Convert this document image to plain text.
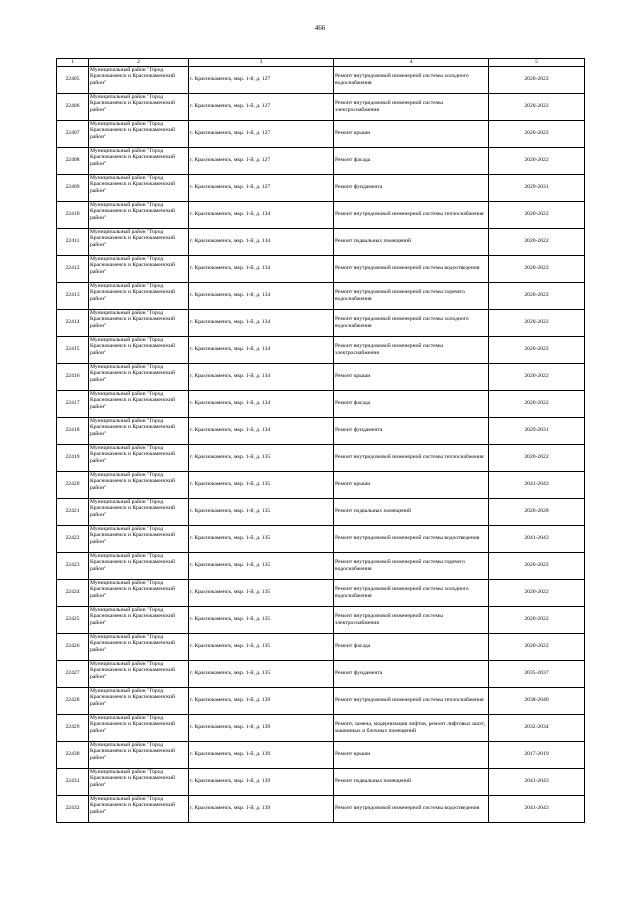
466
1	2	3	4	5
22405	Муниципальный район "Город Краснокаменск и Краснокаменский район"	г. Краснокаменск, мкр. 1-й, д. 127	Ремонт внутридомовой инженерной системы холодного водоснабжения	2020-2022
22406	Муниципальный район "Город Краснокаменск и Краснокаменский район"	г. Краснокаменск, мкр. 1-й, д. 127	Ремонт внутридомовой инженерной системы электроснабжения	2020-2022
22407	Муниципальный район "Город Краснокаменск и Краснокаменский район"	г. Краснокаменск, мкр. 1-й, д. 127	Ремонт крыши	2020-2022
22408	Муниципальный район "Город Краснокаменск и Краснокаменский район"	г. Краснокаменск, мкр. 1-й, д. 127	Ремонт фасада	2020-2022
22409	Муниципальный район "Город Краснокаменск и Краснокаменский район"	г. Краснокаменск, мкр. 1-й, д. 127	Ремонт фундамента	2029-2031
22410	Муниципальный район "Город Краснокаменск и Краснокаменский район"	г. Краснокаменск, мкр. 1-й, д. 134	Ремонт внутридомовой инженерной системы теплоснабжения	2020-2022
22411	Муниципальный район "Город Краснокаменск и Краснокаменский район"	г. Краснокаменск, мкр. 1-й, д. 134	Ремонт подвальных помещений	2020-2022
22412	Муниципальный район "Город Краснокаменск и Краснокаменский район"	г. Краснокаменск, мкр. 1-й, д. 134	Ремонт внутридомовой инженерной системы водоотведения	2020-2022
22413	Муниципальный район "Город Краснокаменск и Краснокаменский район"	г. Краснокаменск, мкр. 1-й, д. 134	Ремонт внутридомовой инженерной системы горячего водоснабжения	2020-2022
22414	Муниципальный район "Город Краснокаменск и Краснокаменский район"	г. Краснокаменск, мкр. 1-й, д. 134	Ремонт внутридомовой инженерной системы холодного водоснабжения	2020-2022
22415	Муниципальный район "Город Краснокаменск и Краснокаменский район"	г. Краснокаменск, мкр. 1-й, д. 134	Ремонт внутридомовой инженерной системы электроснабжения	2020-2022
22416	Муниципальный район "Город Краснокаменск и Краснокаменский район"	г. Краснокаменск, мкр. 1-й, д. 134	Ремонт крыши	2020-2022
22417	Муниципальный район "Город Краснокаменск и Краснокаменский район"	г. Краснокаменск, мкр. 1-й, д. 134	Ремонт фасада	2020-2022
22418	Муниципальный район "Город Краснокаменск и Краснокаменский район"	г. Краснокаменск, мкр. 1-й, д. 134	Ремонт фундамента	2029-2031
22419	Муниципальный район "Город Краснокаменск и Краснокаменский район"	г. Краснокаменск, мкр. 1-й, д. 135	Ремонт внутридомовой инженерной системы теплоснабжения	2020-2022
22420	Муниципальный район "Город Краснокаменск и Краснокаменский район"	г. Краснокаменск, мкр. 1-й, д. 135	Ремонт крыши	2041-2043
22421	Муниципальный район "Город Краснокаменск и Краснокаменский район"	г. Краснокаменск, мкр. 1-й, д. 135	Ремонт подвальных помещений	2026-2028
22422	Муниципальный район "Город Краснокаменск и Краснокаменский район"	г. Краснокаменск, мкр. 1-й, д. 135	Ремонт внутридомовой инженерной системы водоотведения	2041-2043
22423	Муниципальный район "Город Краснокаменск и Краснокаменский район"	г. Краснокаменск, мкр. 1-й, д. 135	Ремонт внутридомовой инженерной системы горячего водоснабжения	2020-2022
22424	Муниципальный район "Город Краснокаменск и Краснокаменский район"	г. Краснокаменск, мкр. 1-й, д. 135	Ремонт внутридомовой инженерной системы холодного водоснабжения	2020-2022
22425	Муниципальный район "Город Краснокаменск и Краснокаменский район"	г. Краснокаменск, мкр. 1-й, д. 135	Ремонт внутридомовой инженерной системы электроснабжения	2020-2022
22426	Муниципальный район "Город Краснокаменск и Краснокаменский район"	г. Краснокаменск, мкр. 1-й, д. 135	Ремонт фасада	2020-2022
22427	Муниципальный район "Город Краснокаменск и Краснокаменский район"	г. Краснокаменск, мкр. 1-й, д. 135	Ремонт фундамента	2035-2037
22428	Муниципальный район "Город Краснокаменск и Краснокаменский район"	г. Краснокаменск, мкр. 1-й, д. 139	Ремонт внутридомовой инженерной системы теплоснабжения	2038-2040
22429	Муниципальный район "Город Краснокаменск и Краснокаменский район"	г. Краснокаменск, мкр. 1-й, д. 139	Ремонт, замена, модернизация лифтов, ремонт лифтовых шахт, машинных и блочных помещений	2032-2034
22430	Муниципальный район "Город Краснокаменск и Краснокаменский район"	г. Краснокаменск, мкр. 1-й, д. 139	Ремонт крыши	2017-2019
22431	Муниципальный район "Город Краснокаменск и Краснокаменский район"	г. Краснокаменск, мкр. 1-й, д. 139	Ремонт подвальных помещений	2041-2043
22432	Муниципальный район "Город Краснокаменск и Краснокаменский район"	г. Краснокаменск, мкр. 1-й, д. 139	Ремонт внутридомовой инженерной системы водоотведения	2041-2043
